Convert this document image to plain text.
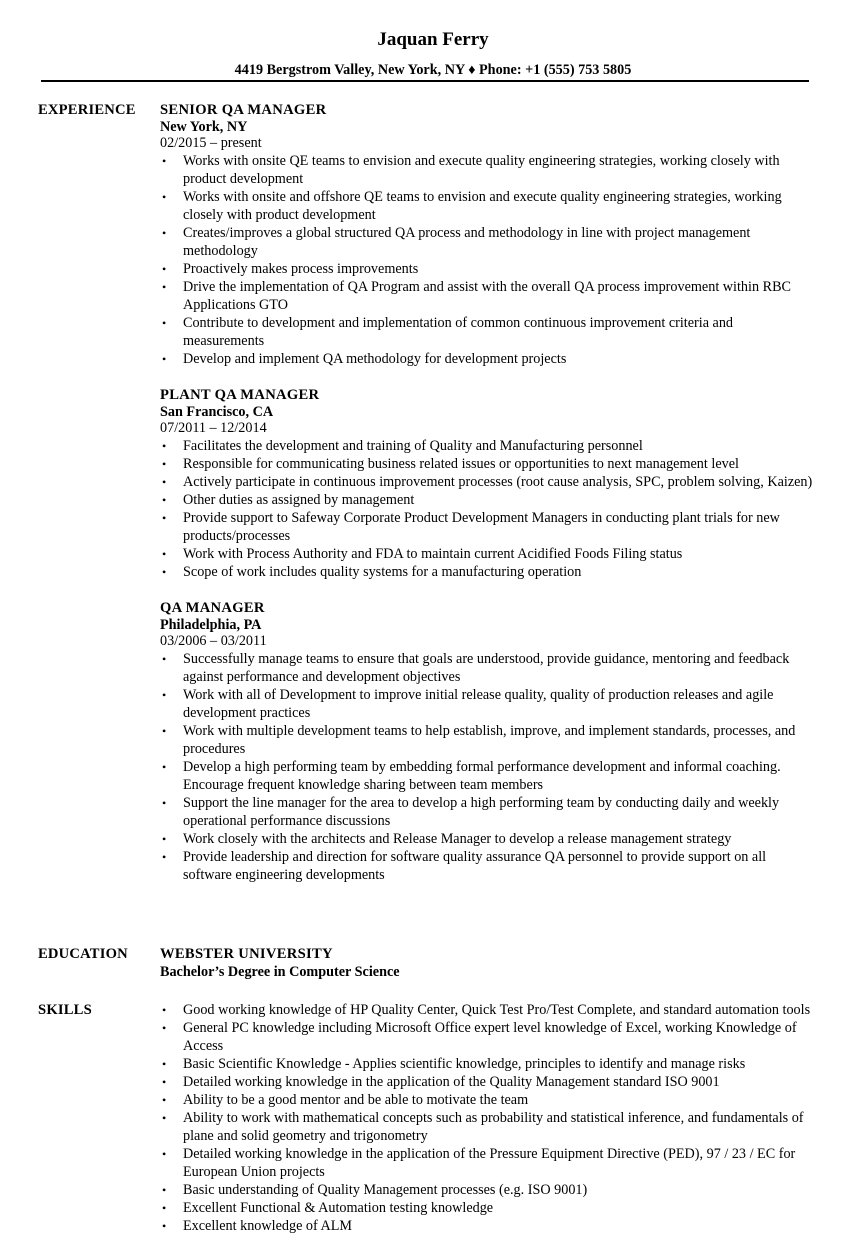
Jaquan Ferry
4419 Bergstrom Valley, New York, NY ♦ Phone: +1 (555) 753 5805
EXPERIENCE SENIOR QA MANAGER
New York, NY
02/2015 – present
• Works with onsite QE teams to envision and execute quality engineering strategies, working closely with product development
• Works with onsite and offshore QE teams to envision and execute quality engineering strategies, working closely with product development
• Creates/improves a global structured QA process and methodology in line with project management methodology
• Proactively makes process improvements
• Drive the implementation of QA Program and assist with the overall QA process improvement within RBC Applications GTO
• Contribute to development and implementation of common continuous improvement criteria and measurements
• Develop and implement QA methodology for development projects
PLANT QA MANAGER
San Francisco, CA
07/2011 – 12/2014
• Facilitates the development and training of Quality and Manufacturing personnel
• Responsible for communicating business related issues or opportunities to next management level
• Actively participate in continuous improvement processes (root cause analysis, SPC, problem solving, Kaizen)
• Other duties as assigned by management
• Provide support to Safeway Corporate Product Development Managers in conducting plant trials for new products/processes
• Work with Process Authority and FDA to maintain current Acidified Foods Filing status
• Scope of work includes quality systems for a manufacturing operation
QA MANAGER
Philadelphia, PA
03/2006 – 03/2011
• Successfully manage teams to ensure that goals are understood, provide guidance, mentoring and feedback against performance and development objectives
• Work with all of Development to improve initial release quality, quality of production releases and agile development practices
• Work with multiple development teams to help establish, improve, and implement standards, processes, and procedures
• Develop a high performing team by embedding formal performance development and informal coaching. Encourage frequent knowledge sharing between team members
• Support the line manager for the area to develop a high performing team by conducting daily and weekly operational performance discussions
• Work closely with the architects and Release Manager to develop a release management strategy
• Provide leadership and direction for software quality assurance QA personnel to provide support on all software engineering developments
EDUCATION WEBSTER UNIVERSITY
Bachelor’s Degree in Computer Science
SKILLS	• Good working knowledge of HP Quality Center, Quick Test Pro/Test Complete, and standard automation tools
• General PC knowledge including Microsoft Office expert level knowledge of Excel, working Knowledge of Access
• Basic Scientific Knowledge - Applies scientific knowledge, principles to identify and manage risks
• Detailed working knowledge in the application of the Quality Management standard ISO 9001
• Ability to be a good mentor and be able to motivate the team
• Ability to work with mathematical concepts such as probability and statistical inference, and fundamentals of plane and solid geometry and trigonometry
• Detailed working knowledge in the application of the Pressure Equipment Directive (PED), 97 / 23 / EC for European Union projects
• Basic understanding of Quality Management processes (e.g. ISO 9001)
• Excellent Functional & Automation testing knowledge
• Excellent knowledge of ALM
